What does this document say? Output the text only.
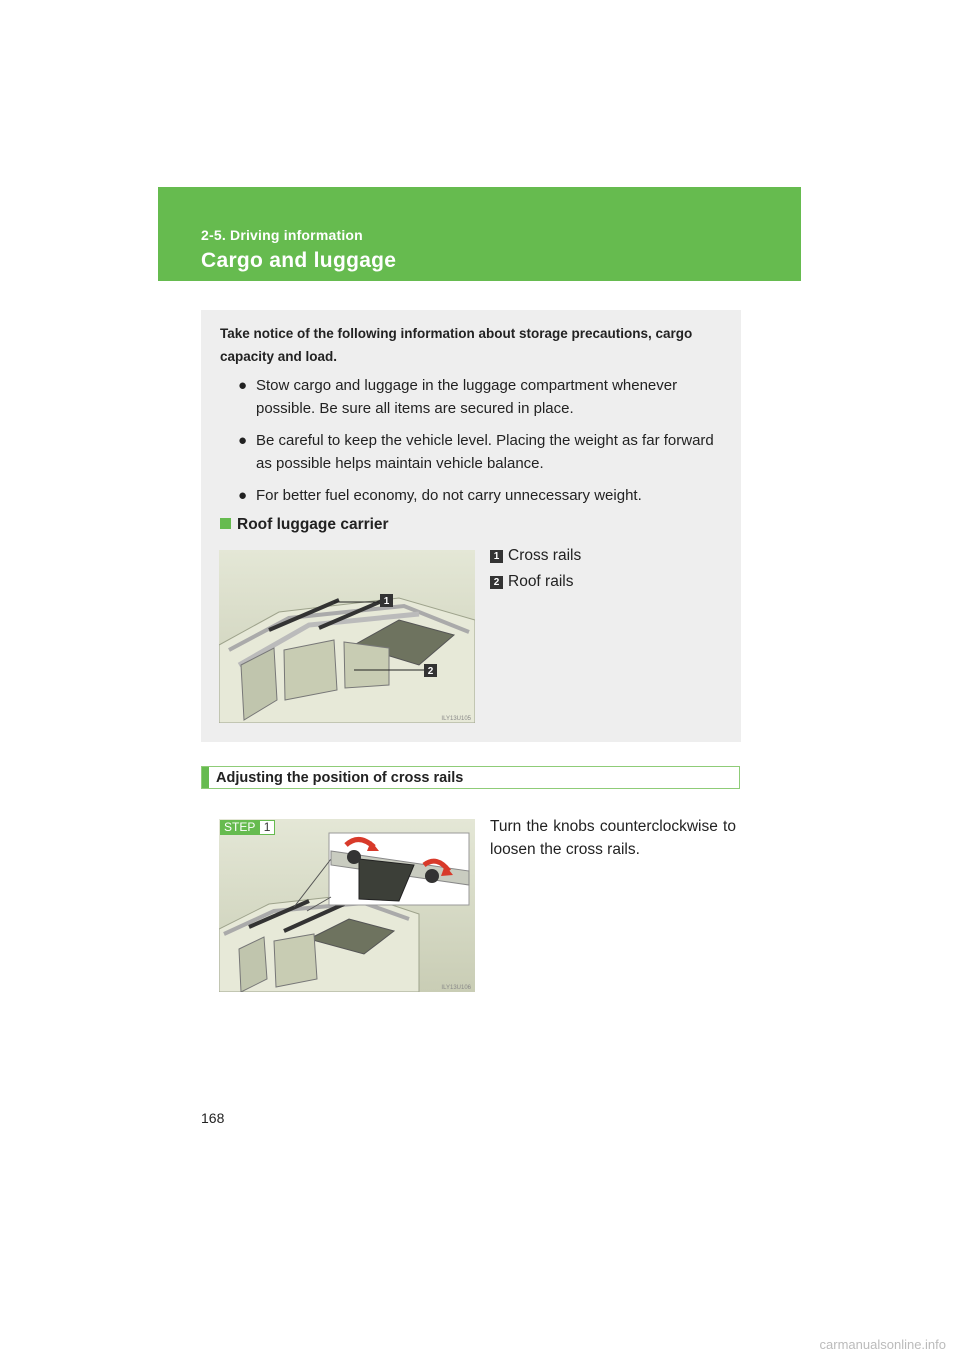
2-5. Driving information
Cargo and luggage
Take notice of the following information about storage precautions, cargo capacity and load.
● Stow cargo and luggage in the luggage compartment whenever possible. Be sure all items are secured in place.
● Be careful to keep the vehicle level. Placing the weight as far forward as possible helps maintain vehicle balance.
● For better fuel economy, do not carry unnecessary weight.
Roof luggage carrier
1
2
ILY13U105
1 Cross rails
2 Roof rails
Adjusting the position of cross rails
ILY13U106
STEP 1	Turn the knobs counterclockwise to loosen the cross rails.
168
carmanualsonline.info
